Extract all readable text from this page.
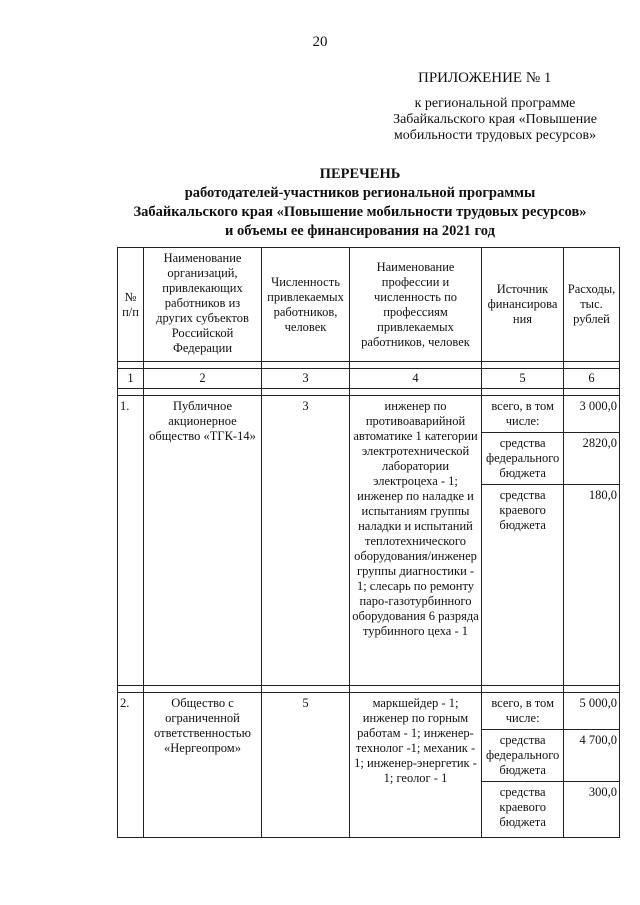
20
ПРИЛОЖЕНИЕ № 1
к региональной программе
Забайкальского края «Повышение
мобильности трудовых ресурсов»
ПЕРЕЧЕНЬ
работодателей-участников региональной программы
Забайкальского края «Повышение мобильности трудовых ресурсов»
и объемы ее финансирования на 2021 год
№ п/п	Наименование организаций, привлекающих работников из других субъектов Российской Федерации	Численность привлекаемых работников, человек	Наименование профессии и численность по профессиям привлекаемых работников, человек	Источник финансирова ния	Расходы, тыс. рублей

1	2	3	4	5	6

1.	Публичное акционерное общество «ТГК-14»	3	инженер по противоаварийной автоматике 1 категории электротехнической лаборатории электроцеха - 1; инженер по наладке и испытаниям группы наладки и испытаний теплотехнического оборудования/инженер группы диагностики - 1; слесарь по ремонту паро-газотурбинного оборудования 6 разряда турбинного цеха - 1	
всего, в том числе:	3 000,0
средства федерального бюджета	2820,0
средства краевого бюджета	180,0

2.	Общество с ограниченной ответственностью «Нергеопром»	5	маркшейдер - 1; инженер по горным работам - 1; инженер-технолог -1; механик - 1; инженер-энергетик - 1; геолог - 1	
всего, в том числе:	5 000,0
средства федерального бюджета	4 700,0
средства краевого бюджета	300,0
